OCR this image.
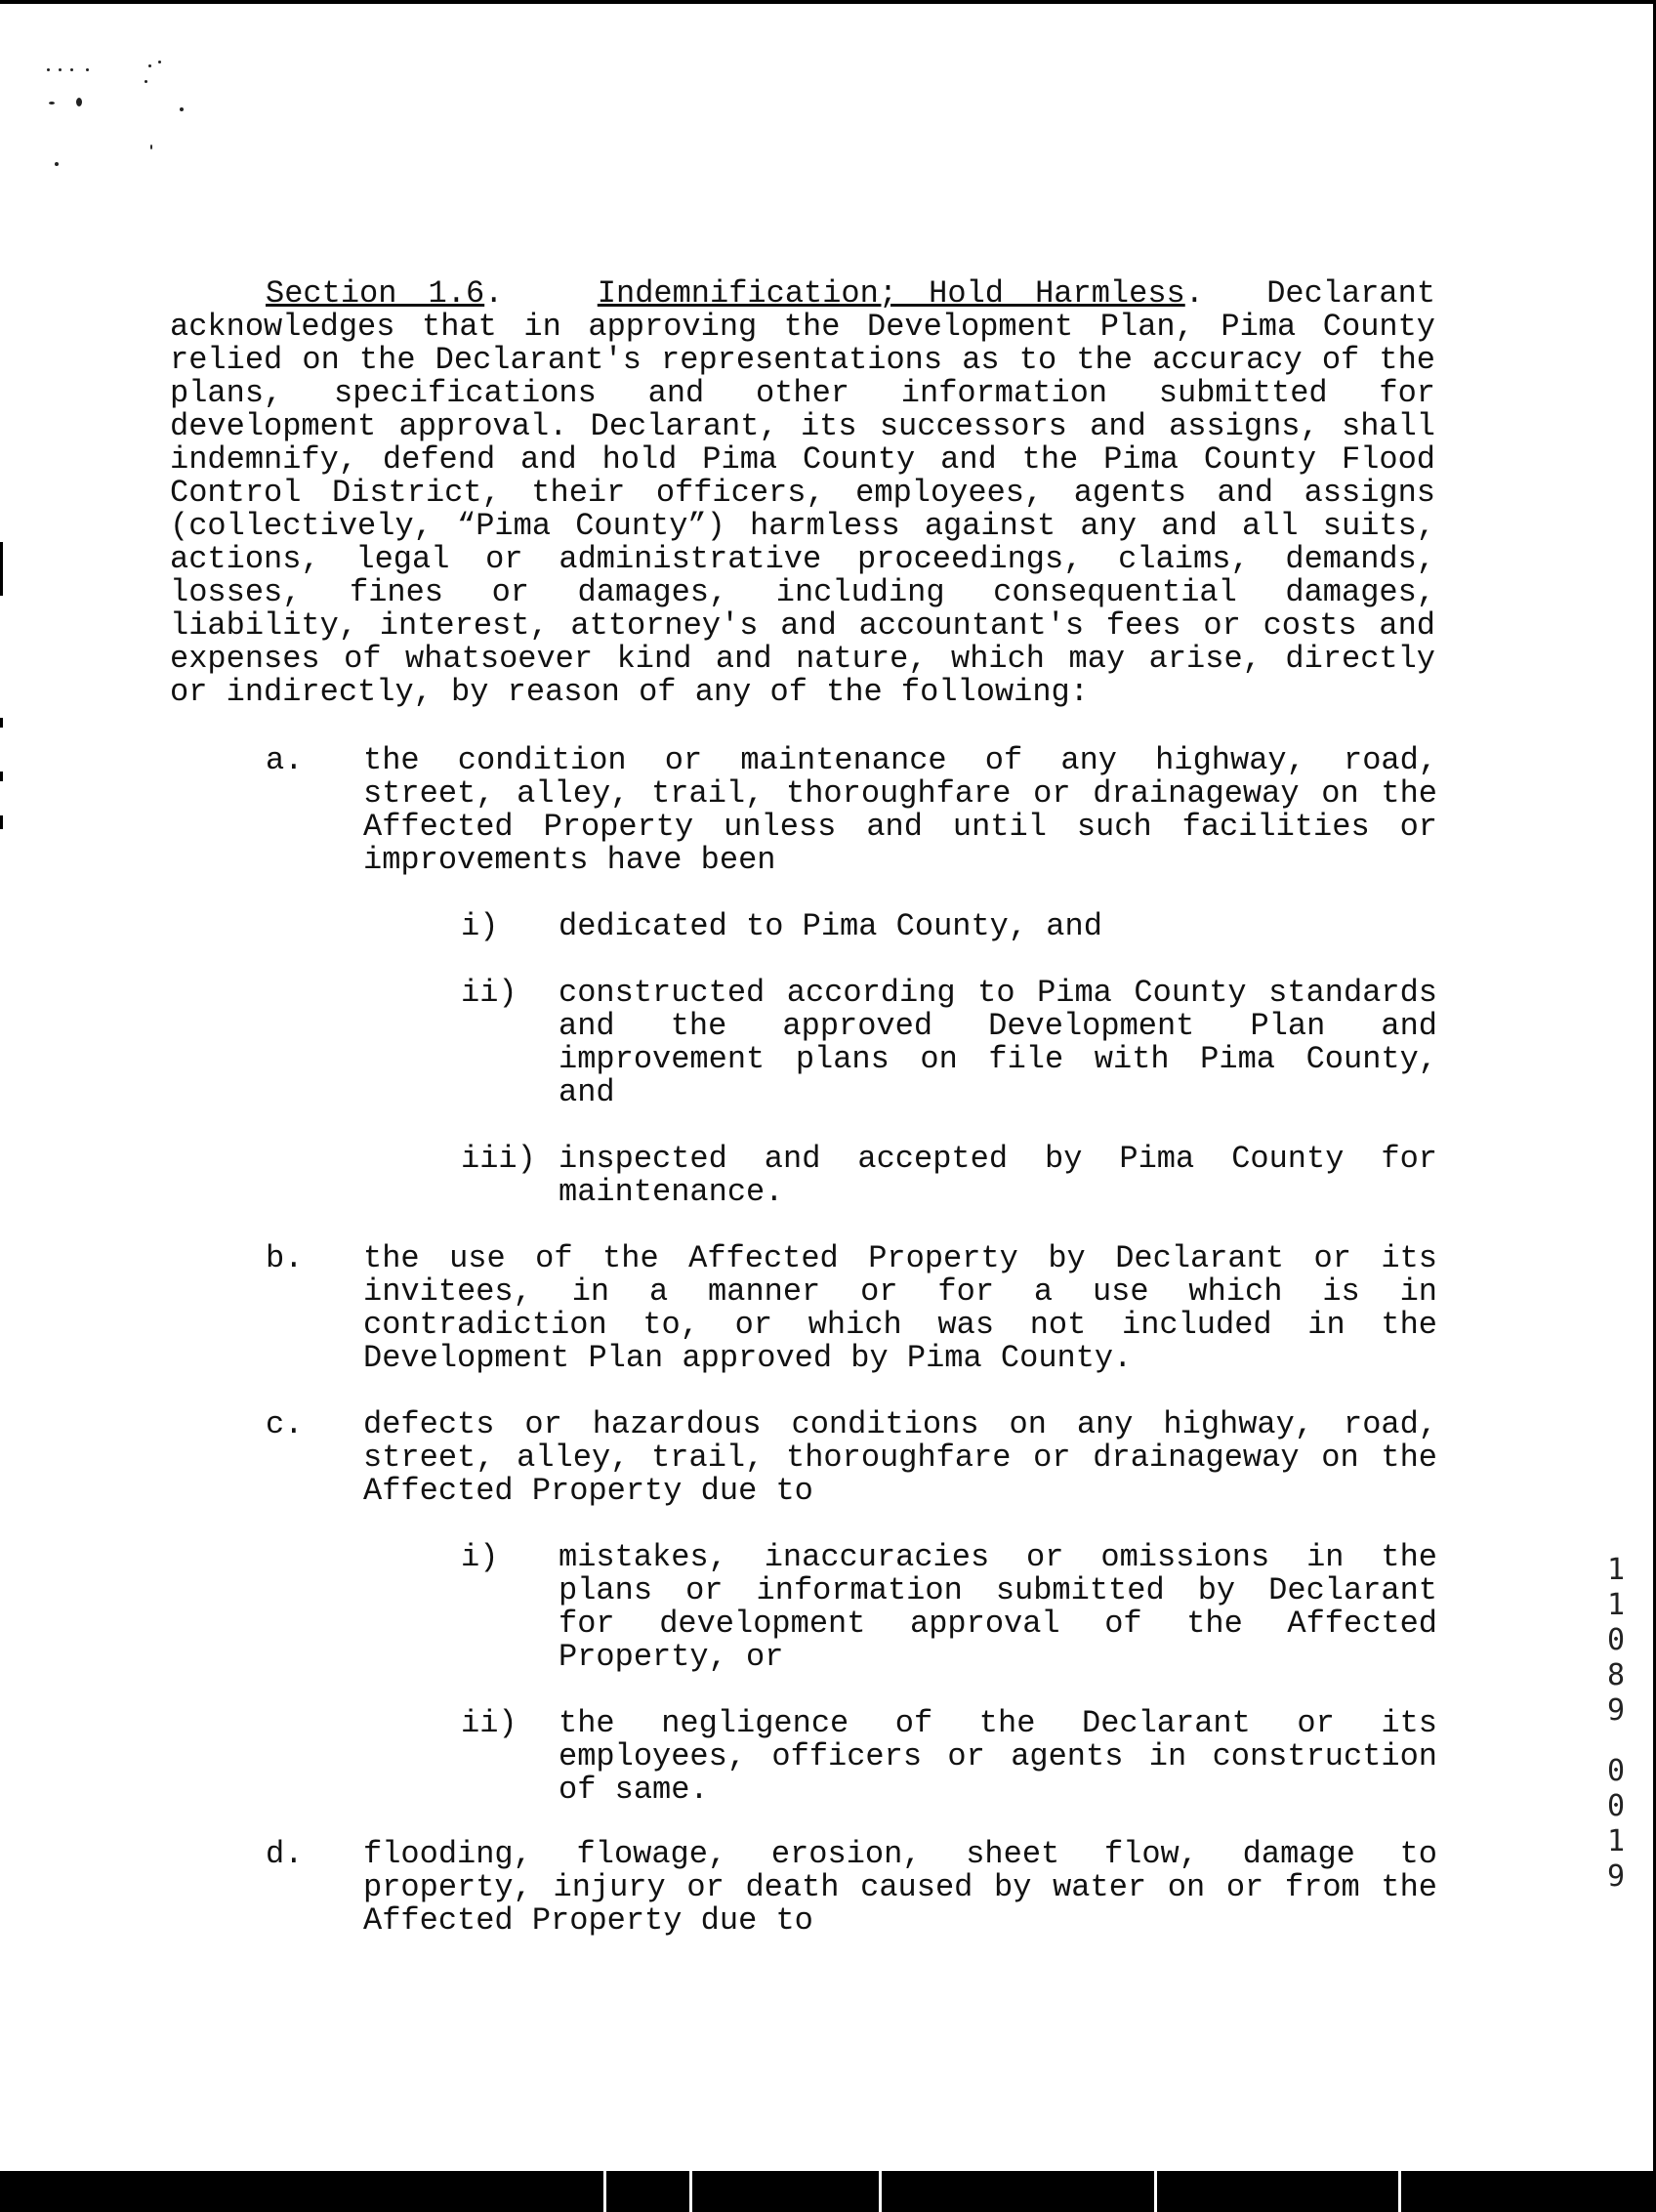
Section 1.6.   Indemnification; Hold Harmless.  Declarant acknowledges that in approving the Development Plan, Pima County relied on the Declarant's representations as to the accuracy of the plans, specifications and other information submitted for development approval. Declarant, its successors and assigns, shall indemnify, defend and hold Pima County and the Pima County Flood Control District, their officers, employees, agents and assigns (collectively, “Pima County”) harmless against any and all suits, actions, legal or administrative proceedings, claims, demands, losses, fines or damages, including consequential damages, liability, interest, attorney's and accountant's fees or costs and expenses of whatsoever kind and nature, which may arise, directly or indirectly, by reason of any of the following:
a. the condition or maintenance of any highway, road, street, alley, trail, thoroughfare or drainageway on the Affected Property unless and until such facilities or improvements have been
i) dedicated to Pima County, and
ii) constructed according to Pima County standards and the approved Development Plan and improvement plans on file with Pima County, and
iii) inspected and accepted by Pima County for maintenance.
b. the use of the Affected Property by Declarant or its invitees, in a manner or for a use which is in contradiction to, or which was not included in the Development Plan approved by Pima County.
c. defects or hazardous conditions on any highway, road, street, alley, trail, thoroughfare or drainageway on the Affected Property due to
i) mistakes, inaccuracies or omissions in the plans or information submitted by Declarant for development approval of the Affected Property, or
ii) the negligence of the Declarant or its employees, officers or agents in construction of same.
d. flooding, flowage, erosion, sheet flow, damage to property, injury or death caused by water on or from the Affected Property due to
1
1
0
8
9
0
0
1
9
